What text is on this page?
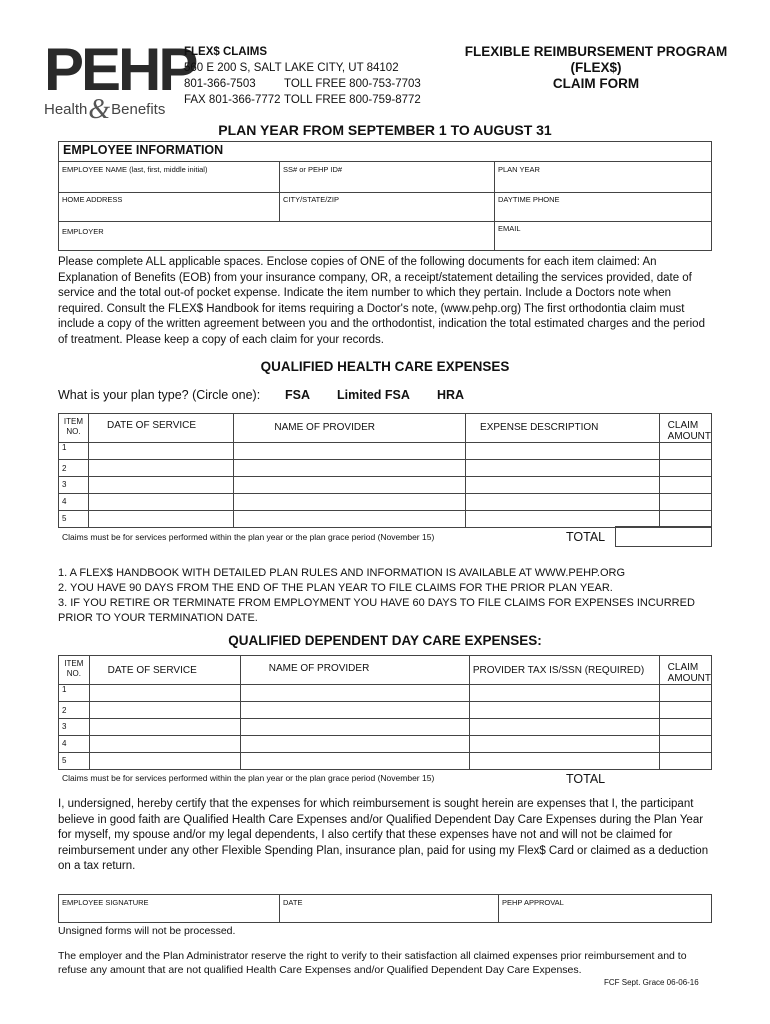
PEHP
Health&Benefits
FLEX$ CLAIMS
560 E 200 S, SALT LAKE CITY, UT 84102
801-366-7503 TOLL FREE 800-753-7703
FAX 801-366-7772 TOLL FREE 800-759-8772
FLEXIBLE REIMBURSEMENT PROGRAM
(FLEX$)
CLAIM FORM
PLAN YEAR FROM SEPTEMBER 1 TO AUGUST 31
EMPLOYEE INFORMATION
EMPLOYEE NAME (last, first, middle initial)	SS# or PEHP ID#	PLAN YEAR
HOME ADDRESS	CITY/STATE/ZIP	DAYTIME PHONE
EMPLOYER	EMAIL
Please complete ALL applicable spaces. Enclose copies of ONE of the following documents for each item claimed: An Explanation of Benefits (EOB) from your insurance company, OR, a receipt/statement detailing the services provided, date of service and the total out-of pocket expense. Indicate the item number to which they pertain. Include a Doctors note when required. Consult the FLEX$ Handbook for items requiring a Doctor's note, (www.pehp.org) The first orthodontia claim must include a copy of the written agreement between you and the orthodontist, indication the total estimated charges and the period of treatment. Please keep a copy of each claim for your records.
QUALIFIED HEALTH CARE EXPENSES
What is your plan type? (Circle one): FSA Limited FSA HRA
ITEM NO.	DATE OF SERVICE	NAME OF PROVIDER	EXPENSE DESCRIPTION	CLAIM AMOUNT
1				
2				
3				
4				
5				
Claims must be for services performed within the plan year or the plan grace period (November 15)	TOTAL
1. A FLEX$ HANDBOOK WITH DETAILED PLAN RULES AND INFORMATION IS AVAILABLE AT WWW.PEHP.ORG
2. YOU HAVE 90 DAYS FROM THE END OF THE PLAN YEAR TO FILE CLAIMS FOR THE PRIOR PLAN YEAR.
3. IF YOU RETIRE OR TERMINATE FROM EMPLOYMENT YOU HAVE 60 DAYS TO FILE CLAIMS FOR EXPENSES INCURRED PRIOR TO YOUR TERMINATION DATE.
QUALIFIED DEPENDENT DAY CARE EXPENSES:
ITEM NO.	DATE OF SERVICE	NAME OF PROVIDER	PROVIDER TAX IS/SSN (REQUIRED)	CLAIM AMOUNT
1				
2				
3				
4				
5				
Claims must be for services performed within the plan year or the plan grace period (November 15)	TOTAL
I, undersigned, hereby certify that the expenses for which reimbursement is sought herein are expenses that I, the participant believe in good faith are Qualified Health Care Expenses and/or Qualified Dependent Day Care Expenses during the Plan Year for myself, my spouse and/or my legal dependents, I also certify that these expenses have not and will not be claimed for reimbursement under any other Flexible Spending Plan, insurance plan, paid for using my Flex$ Card or claimed as a deduction on a tax return.
EMPLOYEE SIGNATURE	DATE	PEHP APPROVAL
Unsigned forms will not be processed.
The employer and the Plan Administrator reserve the right to verify to their satisfaction all claimed expenses prior reimbursement and to refuse any amount that are not qualified Health Care Expenses and/or Qualified Dependent Day Care Expenses.
FCF Sept. Grace 06-06-16
